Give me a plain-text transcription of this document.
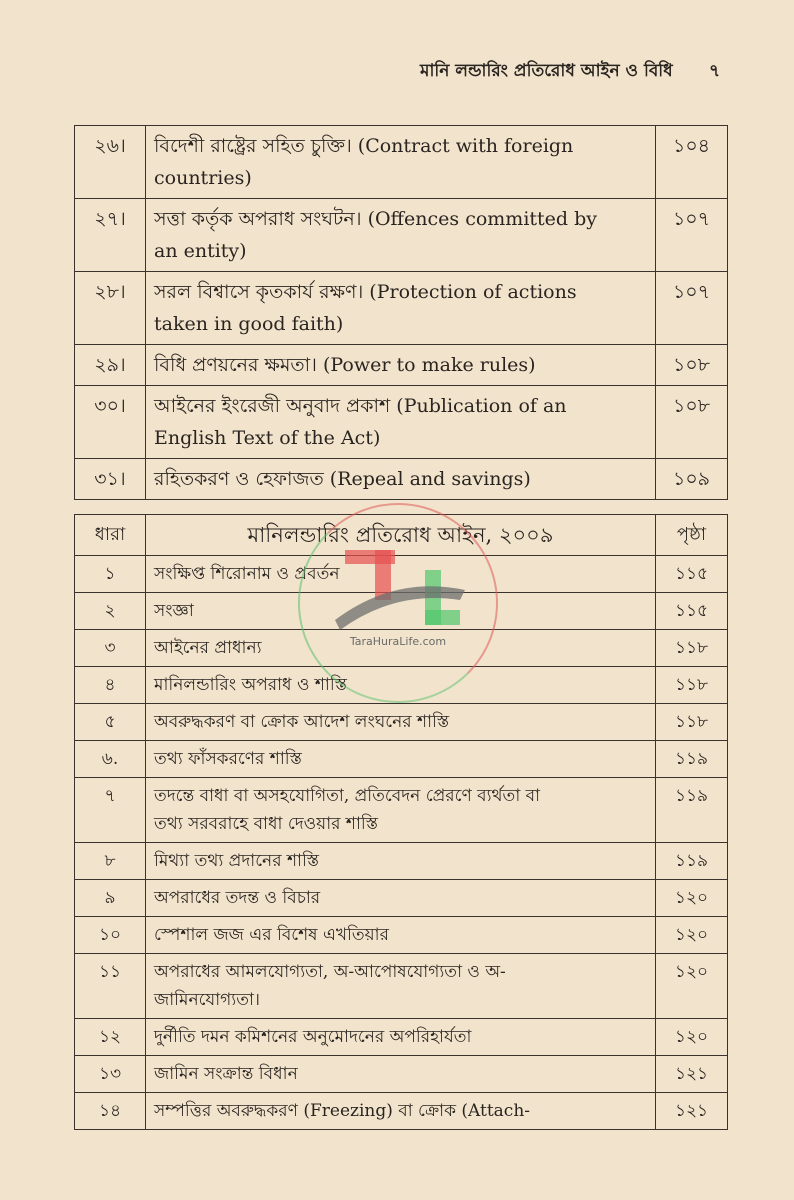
মানি লন্ডারিং প্রতিরোধ আইন ও বিধি ৭
২৬।	বিদেশী রাষ্ট্রের সহিত চুক্তি। (Contract with foreign
countries)	১০৪
২৭।	সত্তা কর্তৃক অপরাধ সংঘটন। (Offences committed by
an entity)	১০৭
২৮।	সরল বিশ্বাসে কৃতকার্য রক্ষণ। (Protection of actions
taken in good faith)	১০৭
২৯।	বিধি প্রণয়নের ক্ষমতা। (Power to make rules)	১০৮
৩০।	আইনের ইংরেজী অনুবাদ প্রকাশ (Publication of an
English Text of the Act)	১০৮
৩১।	রহিতকরণ ও হেফাজত (Repeal and savings)	১০৯
ধারা	মানিলন্ডারিং প্রতিরোধ আইন, ২০০৯	পৃষ্ঠা
১	সংক্ষিপ্ত শিরোনাম ও প্রবর্তন	১১৫
২	সংজ্ঞা	১১৫
৩	আইনের প্রাধান্য	১১৮
৪	মানিলন্ডারিং অপরাধ ও শাস্তি	১১৮
৫	অবরুদ্ধকরণ বা ক্রোক আদেশ লংঘনের শাস্তি	১১৮
৬.	তথ্য ফাঁসকরণের শাস্তি	১১৯
৭	তদন্তে বাধা বা অসহযোগিতা, প্রতিবেদন প্রেরণে ব্যর্থতা বা
তথ্য সরবরাহে বাধা দেওয়ার শাস্তি	১১৯
৮	মিথ্যা তথ্য প্রদানের শাস্তি	১১৯
৯	অপরাধের তদন্ত ও বিচার	১২০
১০	স্পেশাল জজ এর বিশেষ এখতিয়ার	১২০
১১	অপরাধের আমলযোগ্যতা, অ-আপোষযোগ্যতা ও অ-
জামিনযোগ্যতা।	১২০
১২	দুর্নীতি দমন কমিশনের অনুমোদনের অপরিহার্যতা	১২০
১৩	জামিন সংক্রান্ত বিধান	১২১
১৪	সম্পত্তির অবরুদ্ধকরণ (Freezing) বা ক্রোক (Attach-	১২১
TaraHuraLife.com
